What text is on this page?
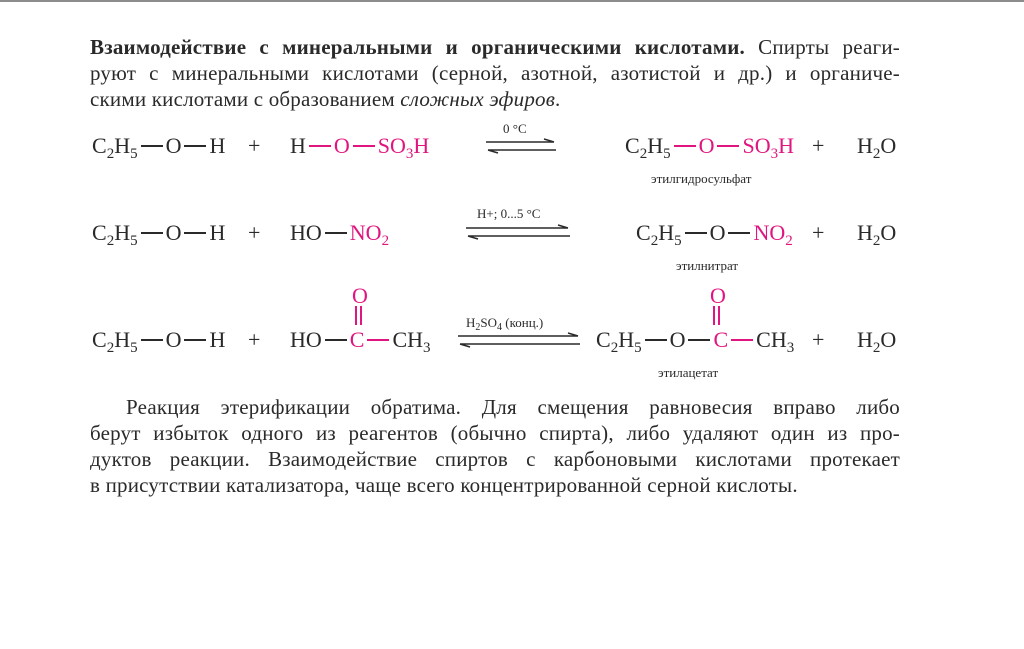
Взаимодействие с минеральными и органическими кислотами. Спирты реаги-
руют с минеральными кислотами (серной, азотной, азотистой и др.) и органиче-
скими кислотами с образованием сложных эфиров.
$C_2H_5$ O H + H O $SO_3H$
0 °C
$C_2H_5$ O $SO_3H + H_2O$
этилгидросульфат
$C_2H_5$ O H + HO $NO_2$
H+; 0...5 °C
$C_2H_5$ O $NO_2 + H_2O$
этилнитрат
O
$C_2H_5$ O H + HO C $CH_3$
$H_2SO_4$ (конц.)
O
$C_2H_5$ O C $CH_3 + H_2O$
этилацетат
Реакция этерификации обратима. Для смещения равновесия вправо либо
берут избыток одного из реагентов (обычно спирта), либо удаляют один из про-
дуктов реакции. Взаимодействие спиртов с карбоновыми кислотами протекает
в присутствии катализатора, чаще всего концентрированной серной кислоты.
